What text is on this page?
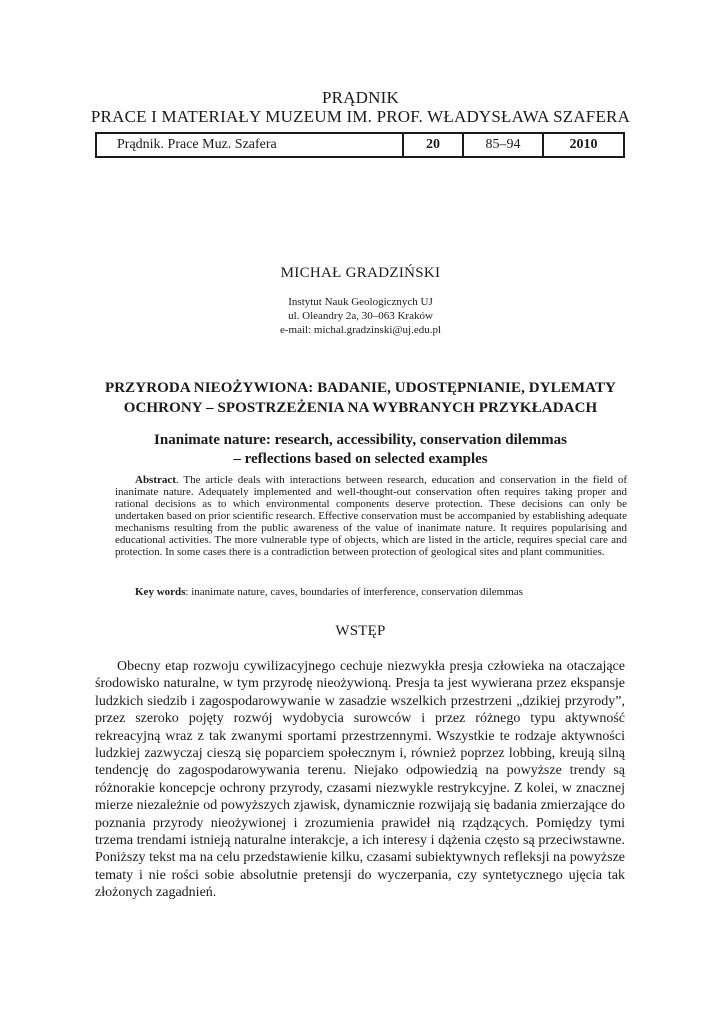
PRĄDNIK
PRACE I MATERIAŁY MUZEUM IM. PROF. WŁADYSŁAWA SZAFERA
Prądnik. Prace Muz. Szafera	20	85–94	2010
MICHAŁ GRADZIŃSKI
Instytut Nauk Geologicznych UJ
ul. Oleandry 2a, 30–063 Kraków
e-mail: michal.gradzinski@uj.edu.pl
PRZYRODA NIEOŻYWIONA: BADANIE, UDOSTĘPNIANIE, DYLEMATY
OCHRONY – SPOSTRZEŻENIA NA WYBRANYCH PRZYKŁADACH
Inanimate nature: research, accessibility, conservation dilemmas
– reflections based on selected examples

Abstract. The article deals with interactions between research, education and conservation in the field of inanimate nature. Adequately implemented and well-thought-out conservation often requires taking proper and rational decisions as to which environmental components deserve protection. These decisions can only be undertaken based on prior scientific research. Effective conservation must be accompanied by establishing adequate mechanisms resulting from the public awareness of the value of inanimate nature. It requires popularising and educational activities. The more vulnerable type of objects, which are listed in the article, requires special care and protection. In some cases there is a contradiction between protection of geological sites and plant communities.

Key words: inanimate nature, caves, boundaries of interference, conservation dilemmas
WSTĘP

Obecny etap rozwoju cywilizacyjnego cechuje niezwykła presja człowieka na otaczające środowisko naturalne, w tym przyrodę nieożywioną. Presja ta jest wywierana przez ekspansje ludzkich siedzib i zagospodarowywanie w zasadzie wszelkich przestrzeni „dzikiej przyrody”, przez szeroko pojęty rozwój wydobycia surowców i przez różnego typu aktywność rekreacyjną wraz z tak zwanymi sportami przestrzennymi. Wszystkie te rodzaje aktywności ludzkiej zazwyczaj cieszą się poparciem społecznym i, również poprzez lobbing, kreują silną tendencję do zagospodarowywania terenu. Niejako odpowiedzią na powyższe trendy są różnorakie koncepcje ochrony przyrody, czasami niezwykle restrykcyjne. Z kolei, w znacznej mierze niezależnie od powyższych zjawisk, dynamicznie rozwijają się badania zmierzające do poznania przyrody nieożywionej i zrozumienia prawideł nią rządzących. Pomiędzy tymi trzema trendami istnieją naturalne interakcje, a ich interesy i dążenia często są przeciwstawne. Poniższy tekst ma na celu przedstawienie kilku, czasami subiektywnych refleksji na powyższe tematy i nie rości sobie absolutnie pretensji do wyczerpania, czy syntetycznego ujęcia tak złożonych zagadnień.
